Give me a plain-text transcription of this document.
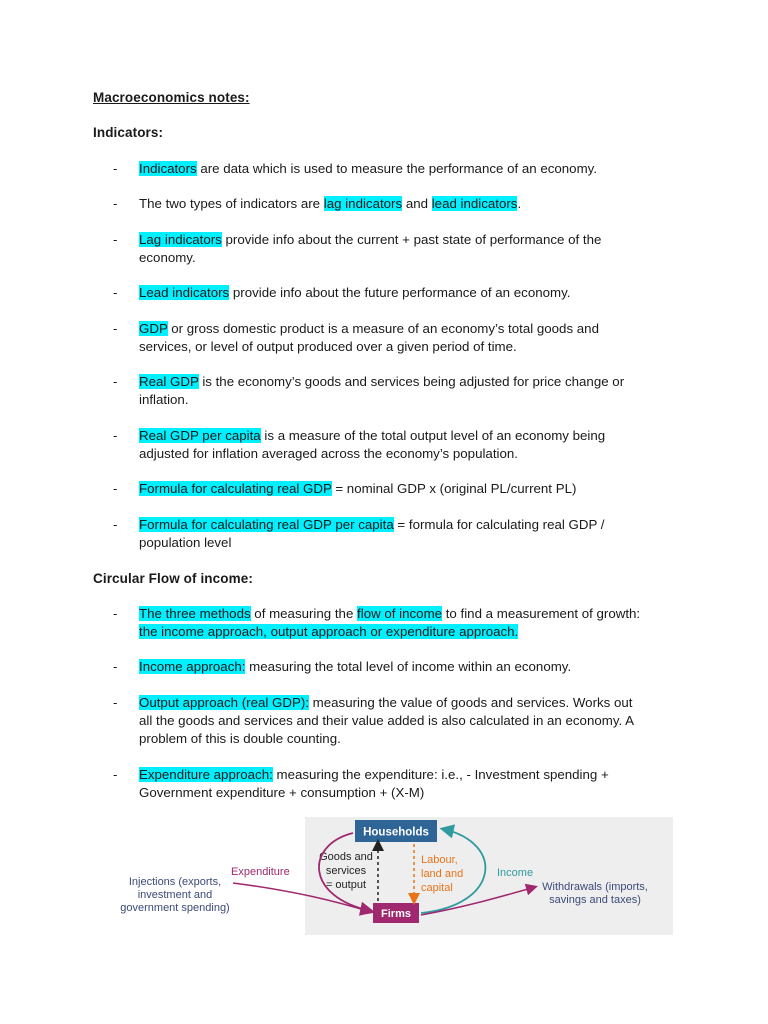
Macroeconomics notes:
Indicators:
- Indicators are data which is used to measure the performance of an economy.
- The two types of indicators are lag indicators and lead indicators.
- Lag indicators provide info about the current + past state of performance of the economy.
- Lead indicators provide info about the future performance of an economy.
- GDP or gross domestic product is a measure of an economy’s total goods and services, or level of output produced over a given period of time.
- Real GDP is the economy’s goods and services being adjusted for price change or inflation.
- Real GDP per capita is a measure of the total output level of an economy being adjusted for inflation averaged across the economy’s population.
- Formula for calculating real GDP = nominal GDP x (original PL/current PL)
- Formula for calculating real GDP per capita = formula for calculating real GDP / population level
Circular Flow of income:
- The three methods of measuring the flow of income to find a measurement of growth: the income approach, output approach or expenditure approach.
- Income approach: measuring the total level of income within an economy.
- Output approach (real GDP): measuring the value of goods and services. Works out all the goods and services and their value added is also calculated in an economy. A problem of this is double counting.
- Expenditure approach: measuring the expenditure: i.e., - Investment spending + Government expenditure + consumption + (X-M)
Households
Firms
Goods and
services
= output
Labour,
land and
capital
Expenditure
Injections (exports,
investment and
government spending)
Income
Withdrawals (imports,
savings and taxes)
